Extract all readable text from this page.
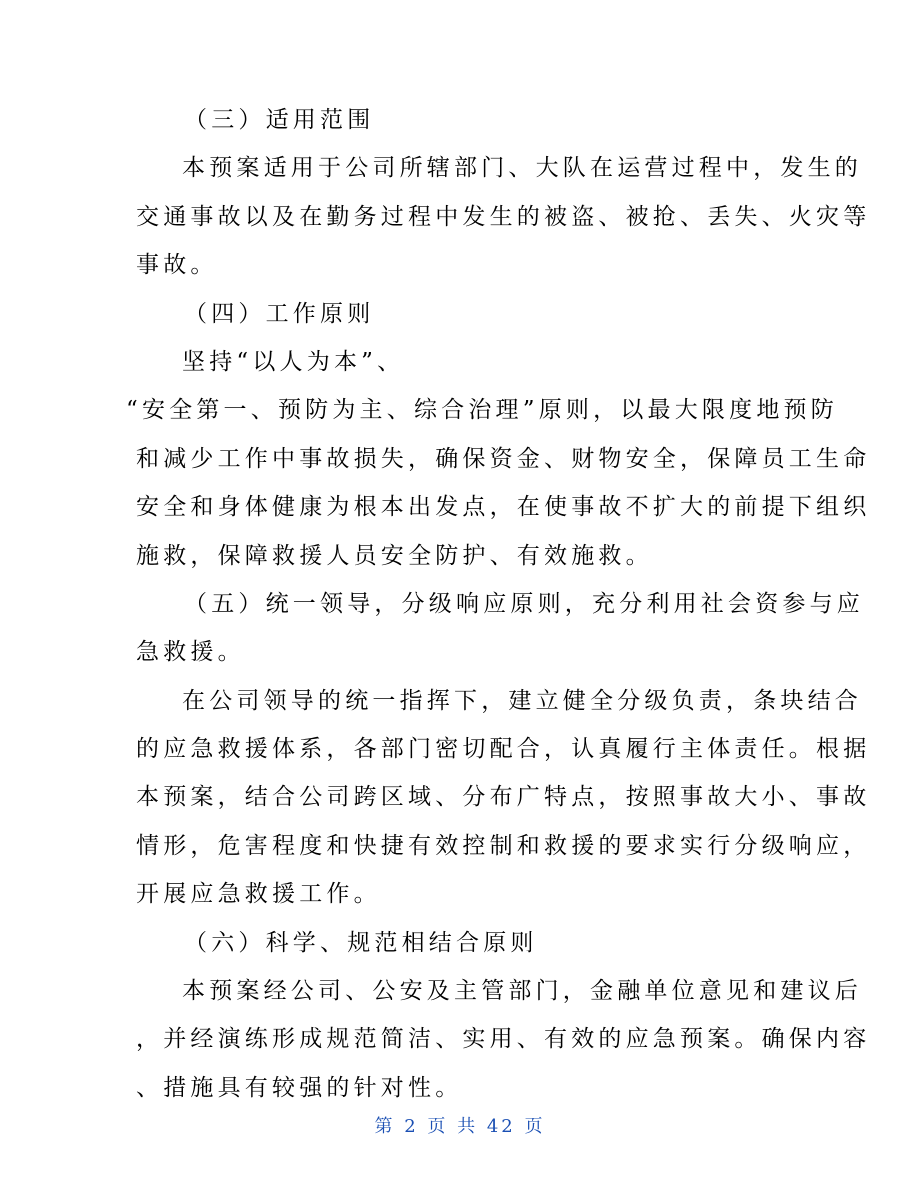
（三）适用范围
本预案适用于公司所辖部门、大队在运营过程中，发生的
交通事故以及在勤务过程中发生的被盗、被抢、丢失、火灾等
事故。
（四）工作原则
坚持“以人为本”、
“安全第一、预防为主、综合治理”原则，以最大限度地预防
和减少工作中事故损失，确保资金、财物安全，保障员工生命
安全和身体健康为根本出发点，在使事故不扩大的前提下组织
施救，保障救援人员安全防护、有效施救。
（五）统一领导，分级响应原则，充分利用社会资参与应
急救援。
在公司领导的统一指挥下，建立健全分级负责，条块结合
的应急救援体系，各部门密切配合，认真履行主体责任。根据
本预案，结合公司跨区域、分布广特点，按照事故大小、事故
情形，危害程度和快捷有效控制和救援的要求实行分级响应，
开展应急救援工作。
（六）科学、规范相结合原则
本预案经公司、公安及主管部门，金融单位意见和建议后
，并经演练形成规范简洁、实用、有效的应急预案。确保内容
、措施具有较强的针对性。
第 2 页 共 42 页
